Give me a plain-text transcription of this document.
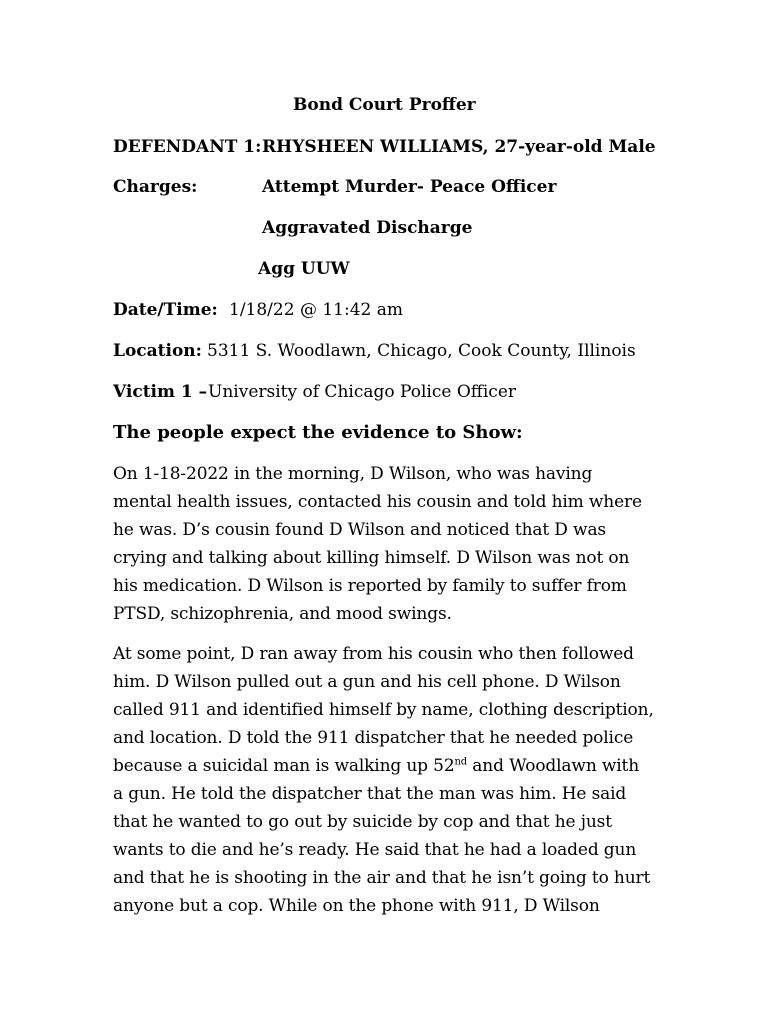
Bond Court Proffer
DEFENDANT 1: RHYSHEEN WILLIAMS, 27-year-old Male
Charges:	Attempt Murder- Peace Officer
Aggravated Discharge
Agg UUW
Date/Time: 1/18/22 @ 11:42 am
Location: 5311 S. Woodlawn, Chicago, Cook County, Illinois
Victim 1 – University of Chicago Police Officer
The people expect the evidence to Show:
On 1-18-2022 in the morning, D Wilson, who was having
mental health issues, contacted his cousin and told him where
he was. D’s cousin found D Wilson and noticed that D was
crying and talking about killing himself. D Wilson was not on
his medication. D Wilson is reported by family to suffer from
PTSD, schizophrenia, and mood swings.
At some point, D ran away from his cousin who then followed
him. D Wilson pulled out a gun and his cell phone. D Wilson
called 911 and identified himself by name, clothing description,
and location. D told the 911 dispatcher that he needed police
because a suicidal man is walking up 52nd and Woodlawn with
a gun. He told the dispatcher that the man was him. He said
that he wanted to go out by suicide by cop and that he just
wants to die and he’s ready. He said that he had a loaded gun
and that he is shooting in the air and that he isn’t going to hurt
anyone but a cop. While on the phone with 911, D Wilson
